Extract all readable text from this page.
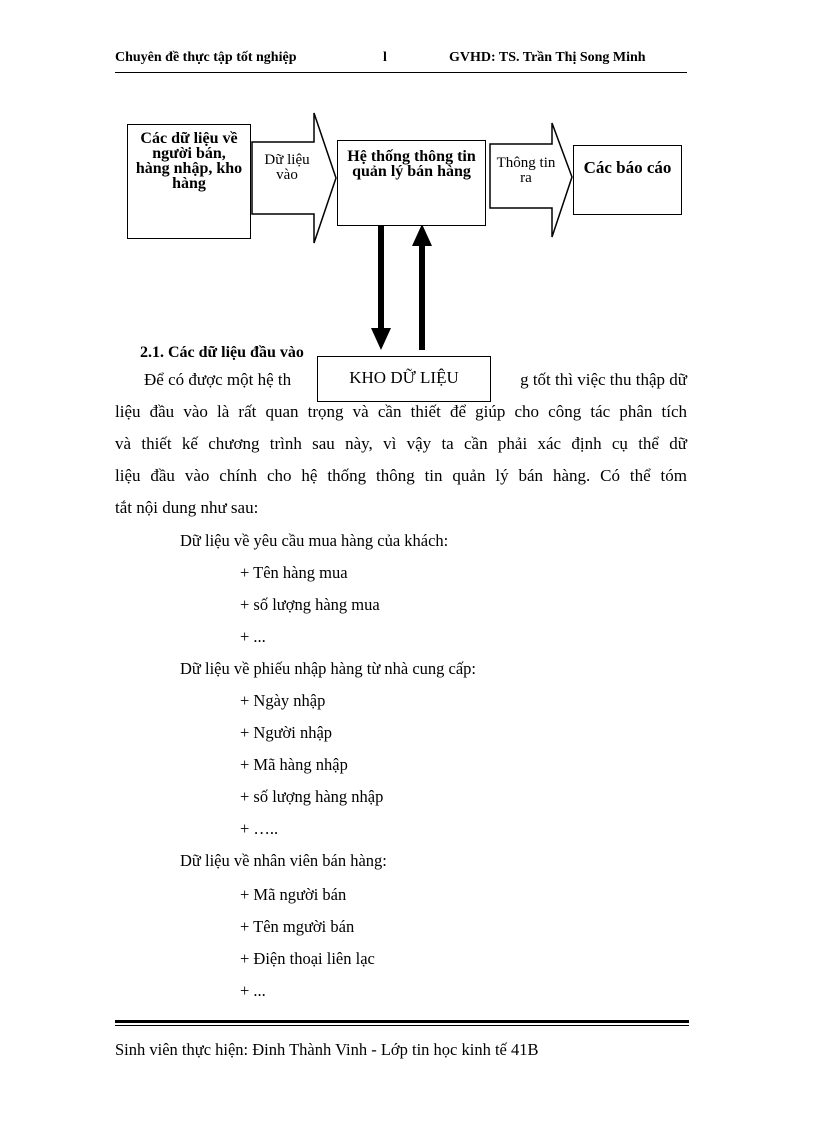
Chuyên đề thực tập tốt nghiệp	l	GVHD: TS. Trần Thị Song Minh
Các dữ liệu về người bán, hàng nhập, kho hàng
Dữ liệu vào
Hệ thống thông tin quản lý bán hàng	Thông tin ra
Các báo cáo
KHO DỮ LIỆU
2.1. Các dữ liệu đầu vào
Để có được một hệ th	g tốt thì việc thu thập dữ
liệu đầu vào là rất quan trọng và cần thiết để giúp cho công tác phân tích
và thiết kế chương trình sau này, vì vậy ta cần phải xác định cụ thể dữ
liệu đầu vào chính cho hệ thống thông tin quản lý bán hàng. Có thể tóm
tắt nội dung như sau:
Dữ liệu về yêu cầu mua hàng của khách:
+ Tên hàng mua
+ số lượng hàng mua
+ ...
Dữ liệu về phiếu nhập hàng từ nhà cung cấp:
+ Ngày nhập
+ Người nhập
+ Mã hàng nhập
+ số lượng hàng nhập
+ …..
Dữ liệu về nhân viên bán hàng:
+ Mã người bán
+ Tên mgười bán
+ Điện thoại liên lạc
+ ...
Sinh viên thực hiện: Đinh Thành Vinh - Lớp tin học kinh tế 41B
